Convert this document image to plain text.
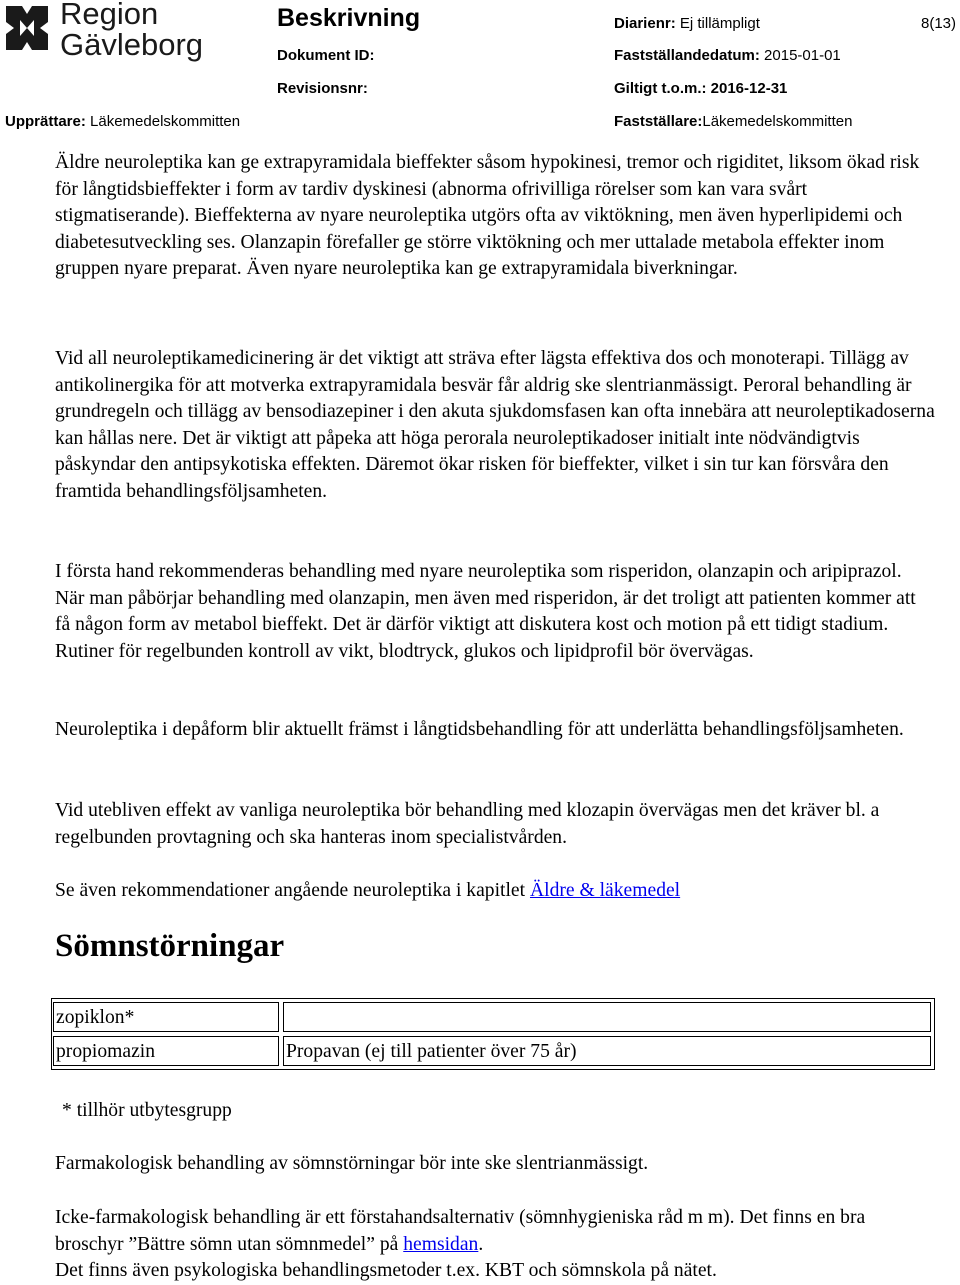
Region
Gävleborg
Beskrivning	Diarienr: Ej tillämpligt	8(13)
Dokument ID:	Fastställandedatum: 2015-01-01
Revisionsnr:	Giltigt t.o.m.: 2016-12-31
Upprättare: Läkemedelskommitten	Fastställare:Läkemedelskommitten

Äldre neuroleptika kan ge extrapyramidala bieffekter såsom hypokinesi, tremor och rigiditet, liksom ökad risk för långtidsbieffekter i form av tardiv dyskinesi (abnorma ofrivilliga rörelser som kan vara svårt stigmatiserande). Bieffekterna av nyare neuroleptika utgörs ofta av viktökning, men även hyperlipidemi och diabetesutveckling ses. Olanzapin förefaller ge större viktökning och mer uttalade metabola effekter inom gruppen nyare preparat. Även nyare neuroleptika kan ge extrapyramidala biverkningar.

Vid all neuroleptikamedicinering är det viktigt att sträva efter lägsta effektiva dos och monoterapi. Tillägg av antikolinergika för att motverka extrapyramidala besvär får aldrig ske slentrianmässigt. Peroral behandling är grundregeln och tillägg av bensodiazepiner i den akuta sjukdomsfasen kan ofta innebära att neuroleptikadoserna kan hållas nere. Det är viktigt att påpeka att höga perorala neuroleptikadoser initialt inte nödvändigtvis påskyndar den antipsykotiska effekten. Däremot ökar risken för bieffekter, vilket i sin tur kan försvåra den framtida behandlingsföljsamheten.

I första hand rekommenderas behandling med nyare neuroleptika som risperidon, olanzapin och aripiprazol. När man påbörjar behandling med olanzapin, men även med risperidon, är det troligt att patienten kommer att få någon form av metabol bieffekt. Det är därför viktigt att diskutera kost och motion på ett tidigt stadium. Rutiner för regelbunden kontroll av vikt, blodtryck, glukos och lipidprofil bör övervägas.

Neuroleptika i depåform blir aktuellt främst i långtidsbehandling för att underlätta behandlingsföljsamheten.

Vid utebliven effekt av vanliga neuroleptika bör behandling med klozapin övervägas men det kräver bl. a regelbunden provtagning och ska hanteras inom specialistvården.

Se även rekommendationer angående neuroleptika i kapitlet Äldre & läkemedel

Sömnstörningar
zopiklon*
propiomazin	Propavan (ej till patienter över 75 år)

* tillhör utbytesgrupp

Farmakologisk behandling av sömnstörningar bör inte ske slentrianmässigt.

Icke-farmakologisk behandling är ett förstahandsalternativ (sömnhygieniska råd m m). Det finns en bra broschyr ”Bättre sömn utan sömnmedel” på hemsidan.

Det finns även psykologiska behandlingsmetoder t.ex. KBT och sömnskola på nätet.
